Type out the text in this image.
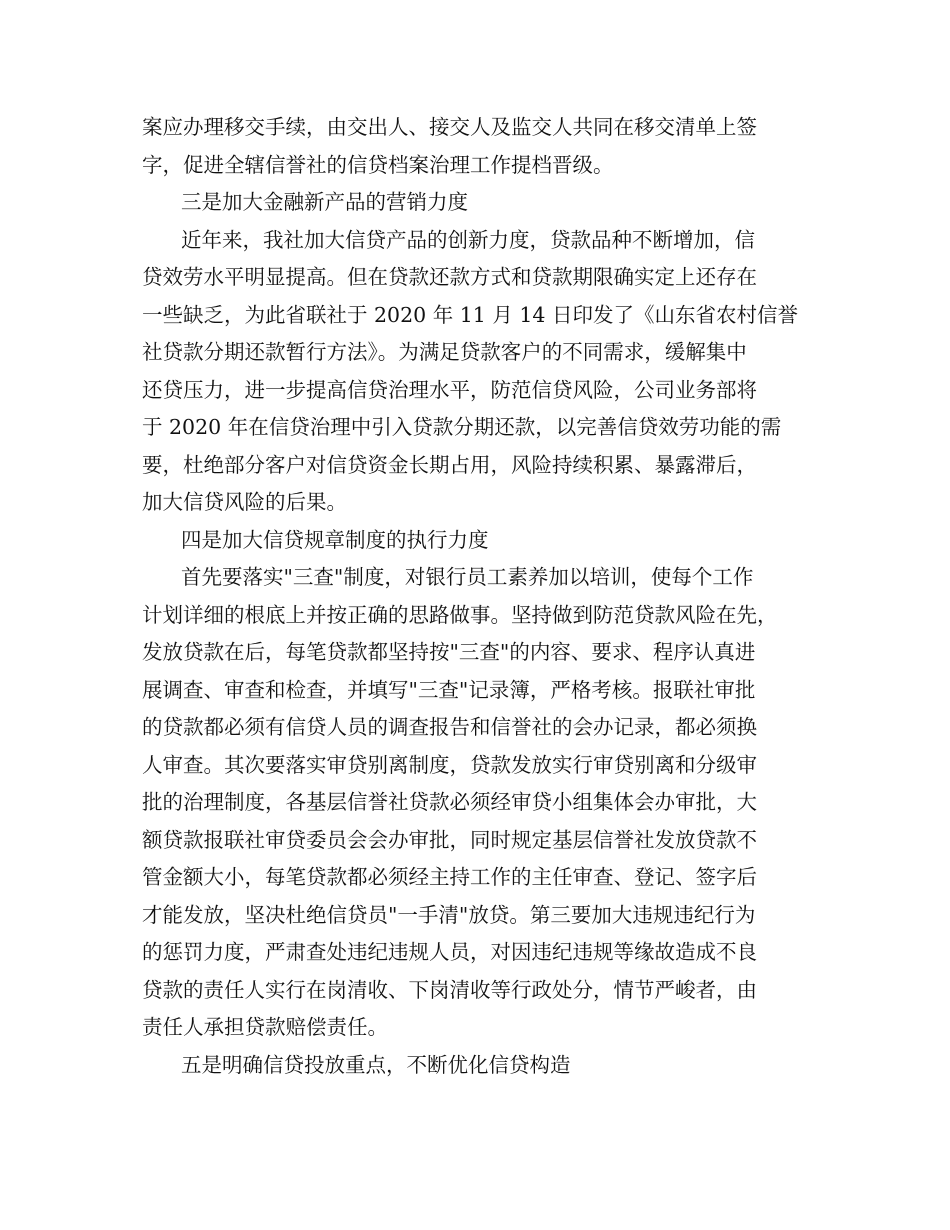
案应办理移交手续，由交出人、接交人及监交人共同在移交清单上签
字，促进全辖信誉社的信贷档案治理工作提档晋级。
三是加大金融新产品的营销力度
近年来，我社加大信贷产品的创新力度，贷款品种不断增加，信
贷效劳水平明显提高。但在贷款还款方式和贷款期限确实定上还存在
一些缺乏，为此省联社于 2020 年 11 月 14 日印发了《山东省农村信誉
社贷款分期还款暂行方法》。为满足贷款客户的不同需求，缓解集中
还贷压力，进一步提高信贷治理水平，防范信贷风险，公司业务部将
于 2020 年在信贷治理中引入贷款分期还款，以完善信贷效劳功能的需
要，杜绝部分客户对信贷资金长期占用，风险持续积累、暴露滞后，
加大信贷风险的后果。
四是加大信贷规章制度的执行力度
首先要落实"三查"制度，对银行员工素养加以培训，使每个工作
计划详细的根底上并按正确的思路做事。坚持做到防范贷款风险在先，
发放贷款在后，每笔贷款都坚持按"三查"的内容、要求、程序认真进
展调查、审查和检查，并填写"三查"记录簿，严格考核。报联社审批
的贷款都必须有信贷人员的调查报告和信誉社的会办记录，都必须换
人审查。其次要落实审贷别离制度，贷款发放实行审贷别离和分级审
批的治理制度，各基层信誉社贷款必须经审贷小组集体会办审批，大
额贷款报联社审贷委员会会办审批，同时规定基层信誉社发放贷款不
管金额大小，每笔贷款都必须经主持工作的主任审查、登记、签字后
才能发放，坚决杜绝信贷员"一手清"放贷。第三要加大违规违纪行为
的惩罚力度，严肃查处违纪违规人员，对因违纪违规等缘故造成不良
贷款的责任人实行在岗清收、下岗清收等行政处分，情节严峻者，由
责任人承担贷款赔偿责任。
五是明确信贷投放重点，不断优化信贷构造
